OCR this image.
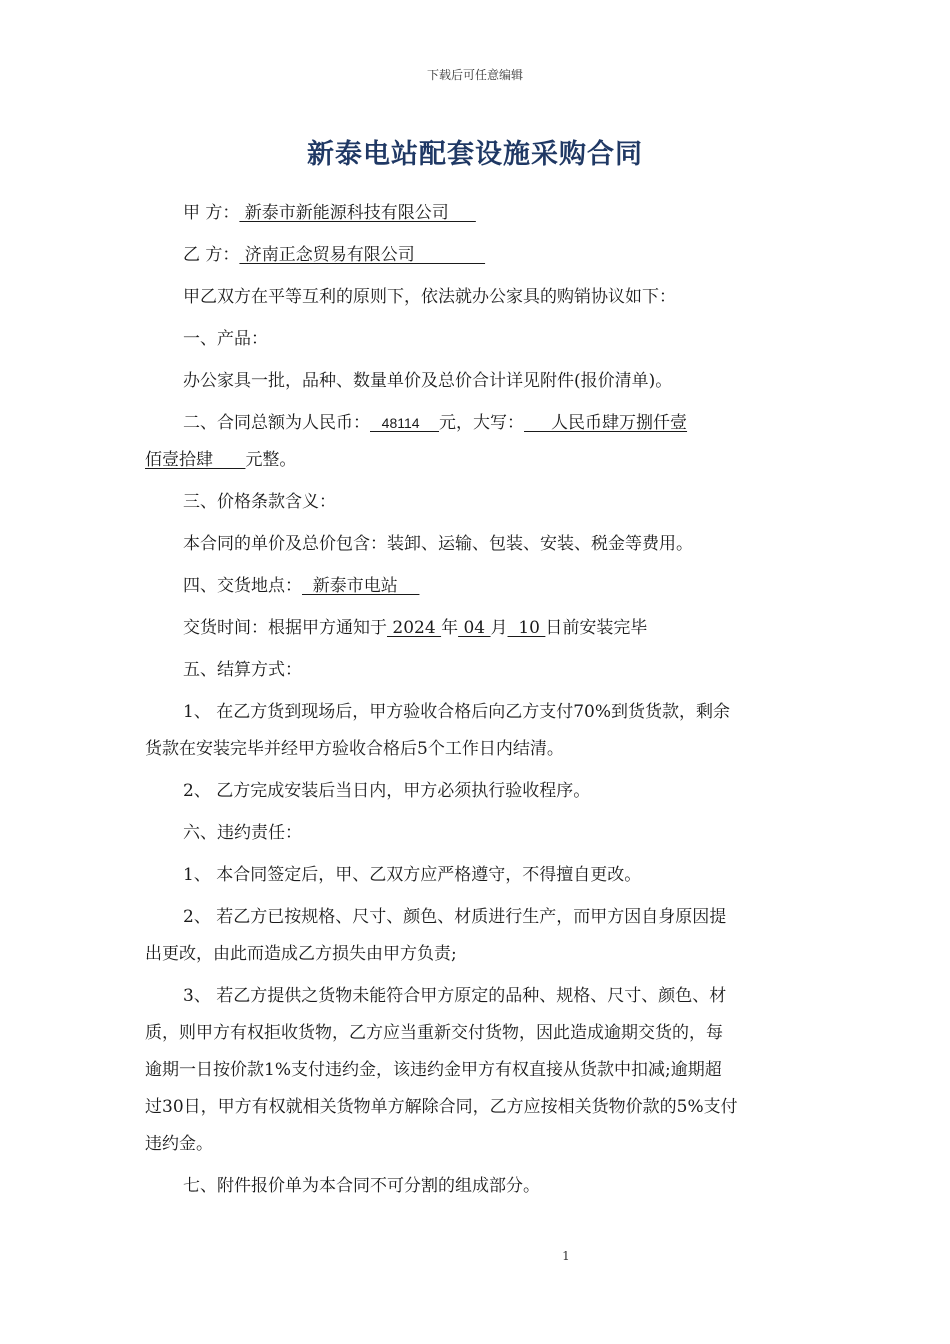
下载后可任意编辑
新泰电站配套设施采购合同
甲 方： 新泰市新能源科技有限公司
乙 方： 济南正念贸易有限公司
甲乙双方在平等互利的原则下，依法就办公家具的购销协议如下：
一、产品：
办公家具一批，品种、数量单价及总价合计详见附件(报价清单)。
二、合同总额为人民币：   48114     元，大写：     人民币肆万捌仟壹
佰壹拾肆      元整。
三、价格条款含义：
本合同的单价及总价包含：装卸、运输、包装、安装、税金等费用。
四、交货地点：  新泰市电站
交货时间：根据甲方通知于 2024 年 04 月  10 日前安装完毕
五、结算方式：
1、 在乙方货到现场后，甲方验收合格后向乙方支付70%到货货款，剩余
货款在安装完毕并经甲方验收合格后5个工作日内结清。
2、 乙方完成安装后当日内，甲方必须执行验收程序。
六、违约责任：
1、 本合同签定后，甲、乙双方应严格遵守，不得擅自更改。
2、 若乙方已按规格、尺寸、颜色、材质进行生产，而甲方因自身原因提
出更改，由此而造成乙方损失由甲方负责;
3、 若乙方提供之货物未能符合甲方原定的品种、规格、尺寸、颜色、材
质，则甲方有权拒收货物，乙方应当重新交付货物，因此造成逾期交货的，每
逾期一日按价款1%支付违约金，该违约金甲方有权直接从货款中扣减;逾期超
过30日，甲方有权就相关货物单方解除合同，乙方应按相关货物价款的5%支付
违约金。
七、附件报价单为本合同不可分割的组成部分。
1
